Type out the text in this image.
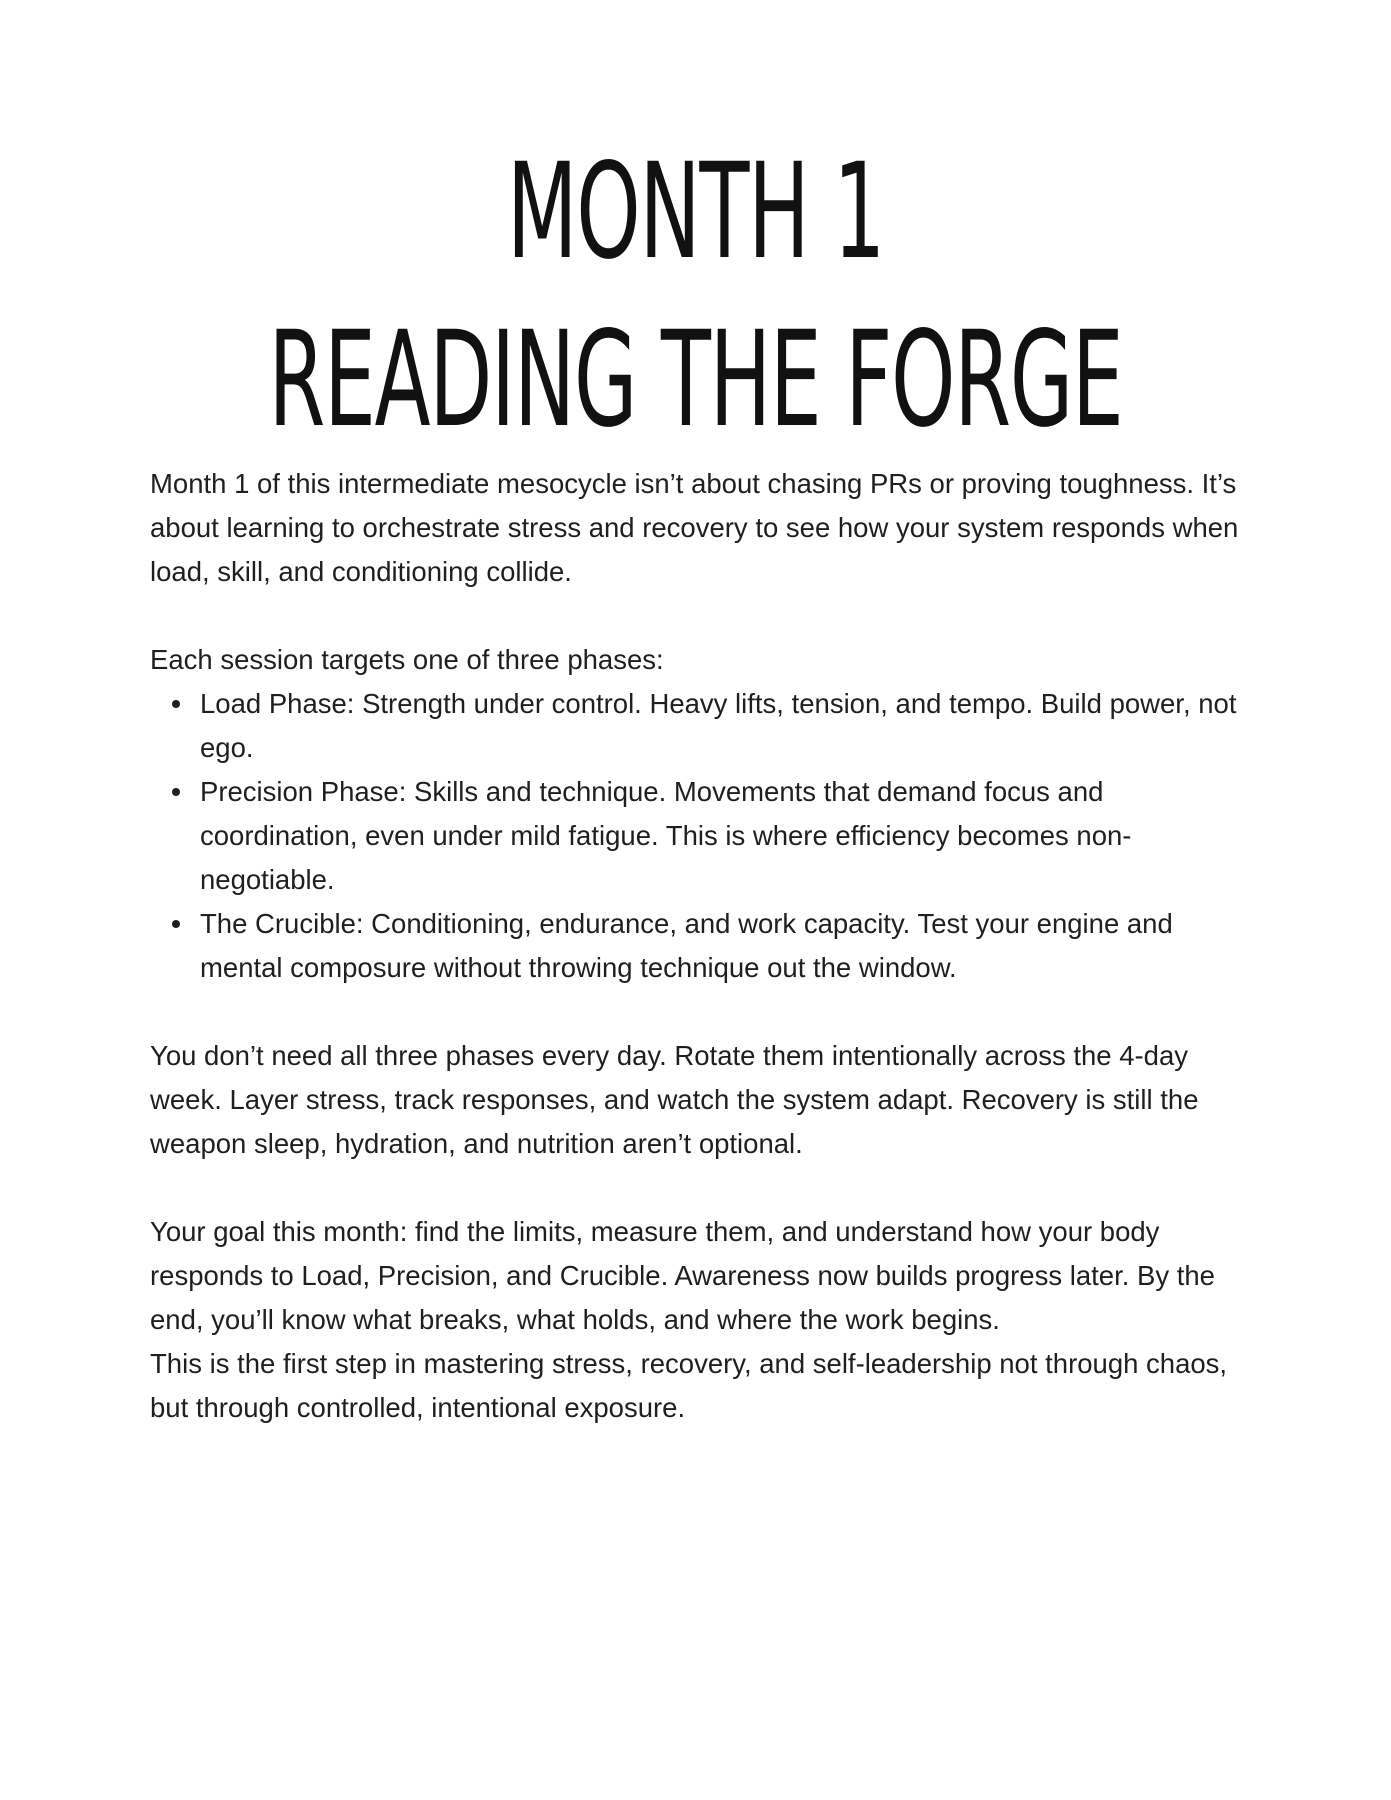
MONTH 1
READING THE FORGE

Month 1 of this intermediate mesocycle isn’t about chasing PRs or proving toughness. It’s about learning to orchestrate stress and recovery to see how your system responds when load, skill, and conditioning collide.

Each session targets one of three phases:

Load Phase: Strength under control. Heavy lifts, tension, and tempo. Build power, not ego.
Precision Phase: Skills and technique. Movements that demand focus and coordination, even under mild fatigue. This is where efficiency becomes non-negotiable.
The Crucible: Conditioning, endurance, and work capacity. Test your engine and mental composure without throwing technique out the window.

You don’t need all three phases every day. Rotate them intentionally across the 4-day week. Layer stress, track responses, and watch the system adapt. Recovery is still the weapon sleep, hydration, and nutrition aren’t optional.

Your goal this month: find the limits, measure them, and understand how your body responds to Load, Precision, and Crucible. Awareness now builds progress later. By the end, you’ll know what breaks, what holds, and where the work begins.

This is the first step in mastering stress, recovery, and self-leadership not through chaos, but through controlled, intentional exposure.
